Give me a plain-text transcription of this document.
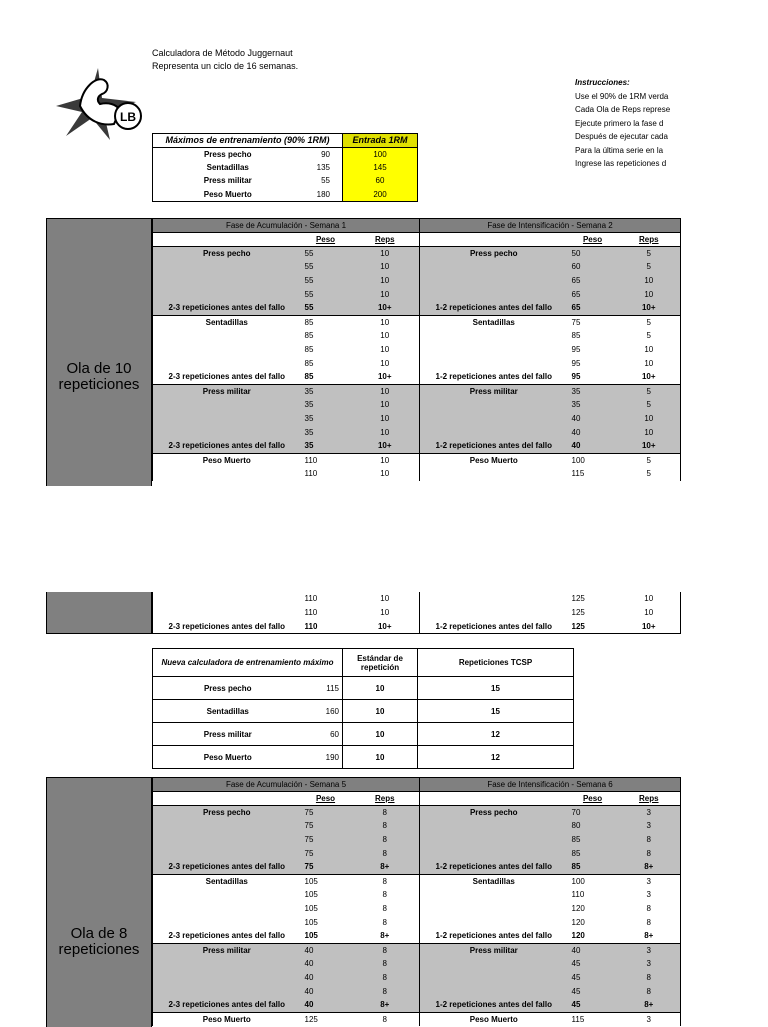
Calculadora de Método Juggernaut
Representa un ciclo de 16 semanas.
LB
Instrucciones:
Use el 90% de 1RM verda
Cada Ola de Reps represe
Ejecute primero la fase d
Después de ejecutar cada
Para la última serie en la
Ingrese las repeticiones d
Máximos de entrenamiento (90% 1RM)		Entrada 1RM
Press pecho	90	100
Sentadillas	135	145
Press militar	55	60
Peso Muerto	180	200
Ola de 10 repeticiones
Fase de Acumulación - Semana 1			Fase de Intensificación - Semana 2		
	Peso	Reps		Peso	Reps
Press pecho	55	10	Press pecho	50	5
	55	10		60	5
	55	10		65	10
	55	10		65	10
2-3 repeticiones antes del fallo	55	10+	1-2 repeticiones antes del fallo	65	10+
Sentadillas	85	10	Sentadillas	75	5
	85	10		85	5
	85	10		95	10
	85	10		95	10
2-3 repeticiones antes del fallo	85	10+	1-2 repeticiones antes del fallo	95	10+
Press militar	35	10	Press militar	35	5
	35	10		35	5
	35	10		40	10
	35	10		40	10
2-3 repeticiones antes del fallo	35	10+	1-2 repeticiones antes del fallo	40	10+
Peso Muerto	110	10	Peso Muerto	100	5
	110	10		115	5
	110	10		125	10
	110	10		125	10
2-3 repeticiones antes del fallo	110	10+	1-2 repeticiones antes del fallo	125	10+
Nueva calculadora de entrenamiento máximo		Estándar de repetición	Repeticiones TCSP
Press pecho	115	10	15
Sentadillas	160	10	15
Press militar	60	10	12
Peso Muerto	190	10	12
Ola de 8 repeticiones
Fase de Acumulación - Semana 5			Fase de Intensificación - Semana 6		
	Peso	Reps		Peso	Reps
Press pecho	75	8	Press pecho	70	3
	75	8		80	3
	75	8		85	8
	75	8		85	8
2-3 repeticiones antes del fallo	75	8+	1-2 repeticiones antes del fallo	85	8+
Sentadillas	105	8	Sentadillas	100	3
	105	8		110	3
	105	8		120	8
	105	8		120	8
2-3 repeticiones antes del fallo	105	8+	1-2 repeticiones antes del fallo	120	8+
Press militar	40	8	Press militar	40	3
	40	8		45	3
	40	8		45	8
	40	8		45	8
2-3 repeticiones antes del fallo	40	8+	1-2 repeticiones antes del fallo	45	8+
Peso Muerto	125	8	Peso Muerto	115	3
